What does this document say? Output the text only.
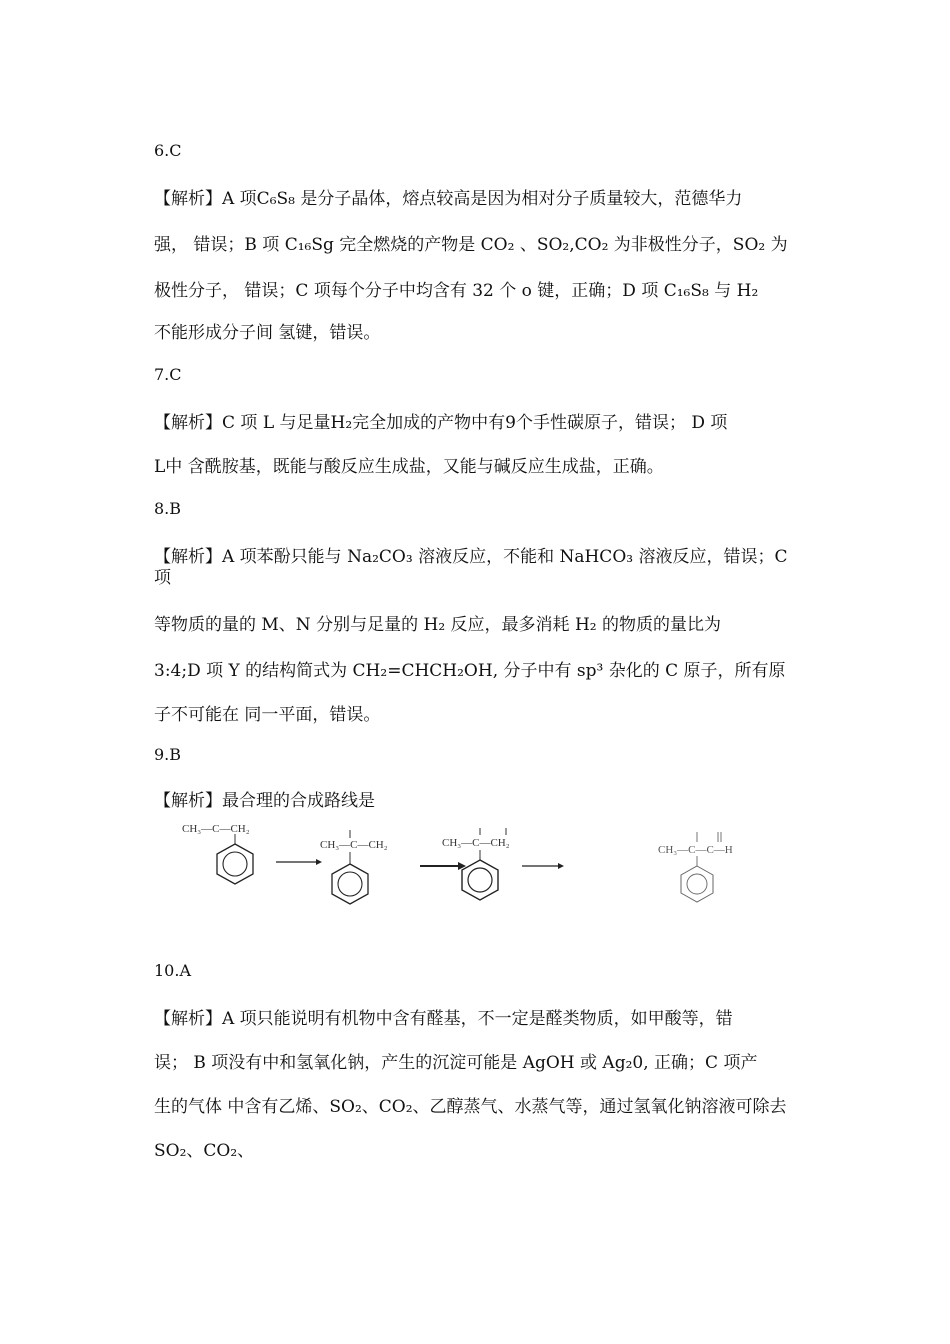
6.C
【解析】A 项C₆S₈ 是分子晶体，熔点较高是因为相对分子质量较大，范德华力
强， 错误；B 项 C₁₆Sg 完全燃烧的产物是 CO₂ 、SO₂,CO₂ 为非极性分子，SO₂ 为
极性分子， 错误；C 项每个分子中均含有 32 个 o 键，正确；D 项 C₁₆S₈ 与 H₂
不能形成分子间 氢键，错误。
7.C
【解析】C 项 L 与足量H₂完全加成的产物中有9个手性碳原子，错误； D 项
L中 含酰胺基，既能与酸反应生成盐，又能与碱反应生成盐，正确。
8.B
【解析】A 项苯酚只能与 Na₂CO₃ 溶液反应，不能和 NaHCO₃ 溶液反应，错误；C
项
等物质的量的 M、N 分别与足量的 H₂ 反应，最多消耗 H₂ 的物质的量比为
3:4;D 项 Y 的结构简式为 CH₂=CHCH₂OH, 分子中有 sp³ 杂化的 C 原子，所有原
子不可能在 同一平面，错误。
9.B
【解析】最合理的合成路线是
CH₃—C—CH₂
CH₃—C—CH₂	CH₃—C—CH₂
CH₃—C—C—H
10.A
【解析】A 项只能说明有机物中含有醛基，不一定是醛类物质，如甲酸等，错
误； B 项没有中和氢氧化钠，产生的沉淀可能是 AgOH 或 Ag₂0, 正确；C 项产
生的气体 中含有乙烯、SO₂、CO₂、乙醇蒸气、水蒸气等，通过氢氧化钠溶液可除去
SO₂、CO₂、
